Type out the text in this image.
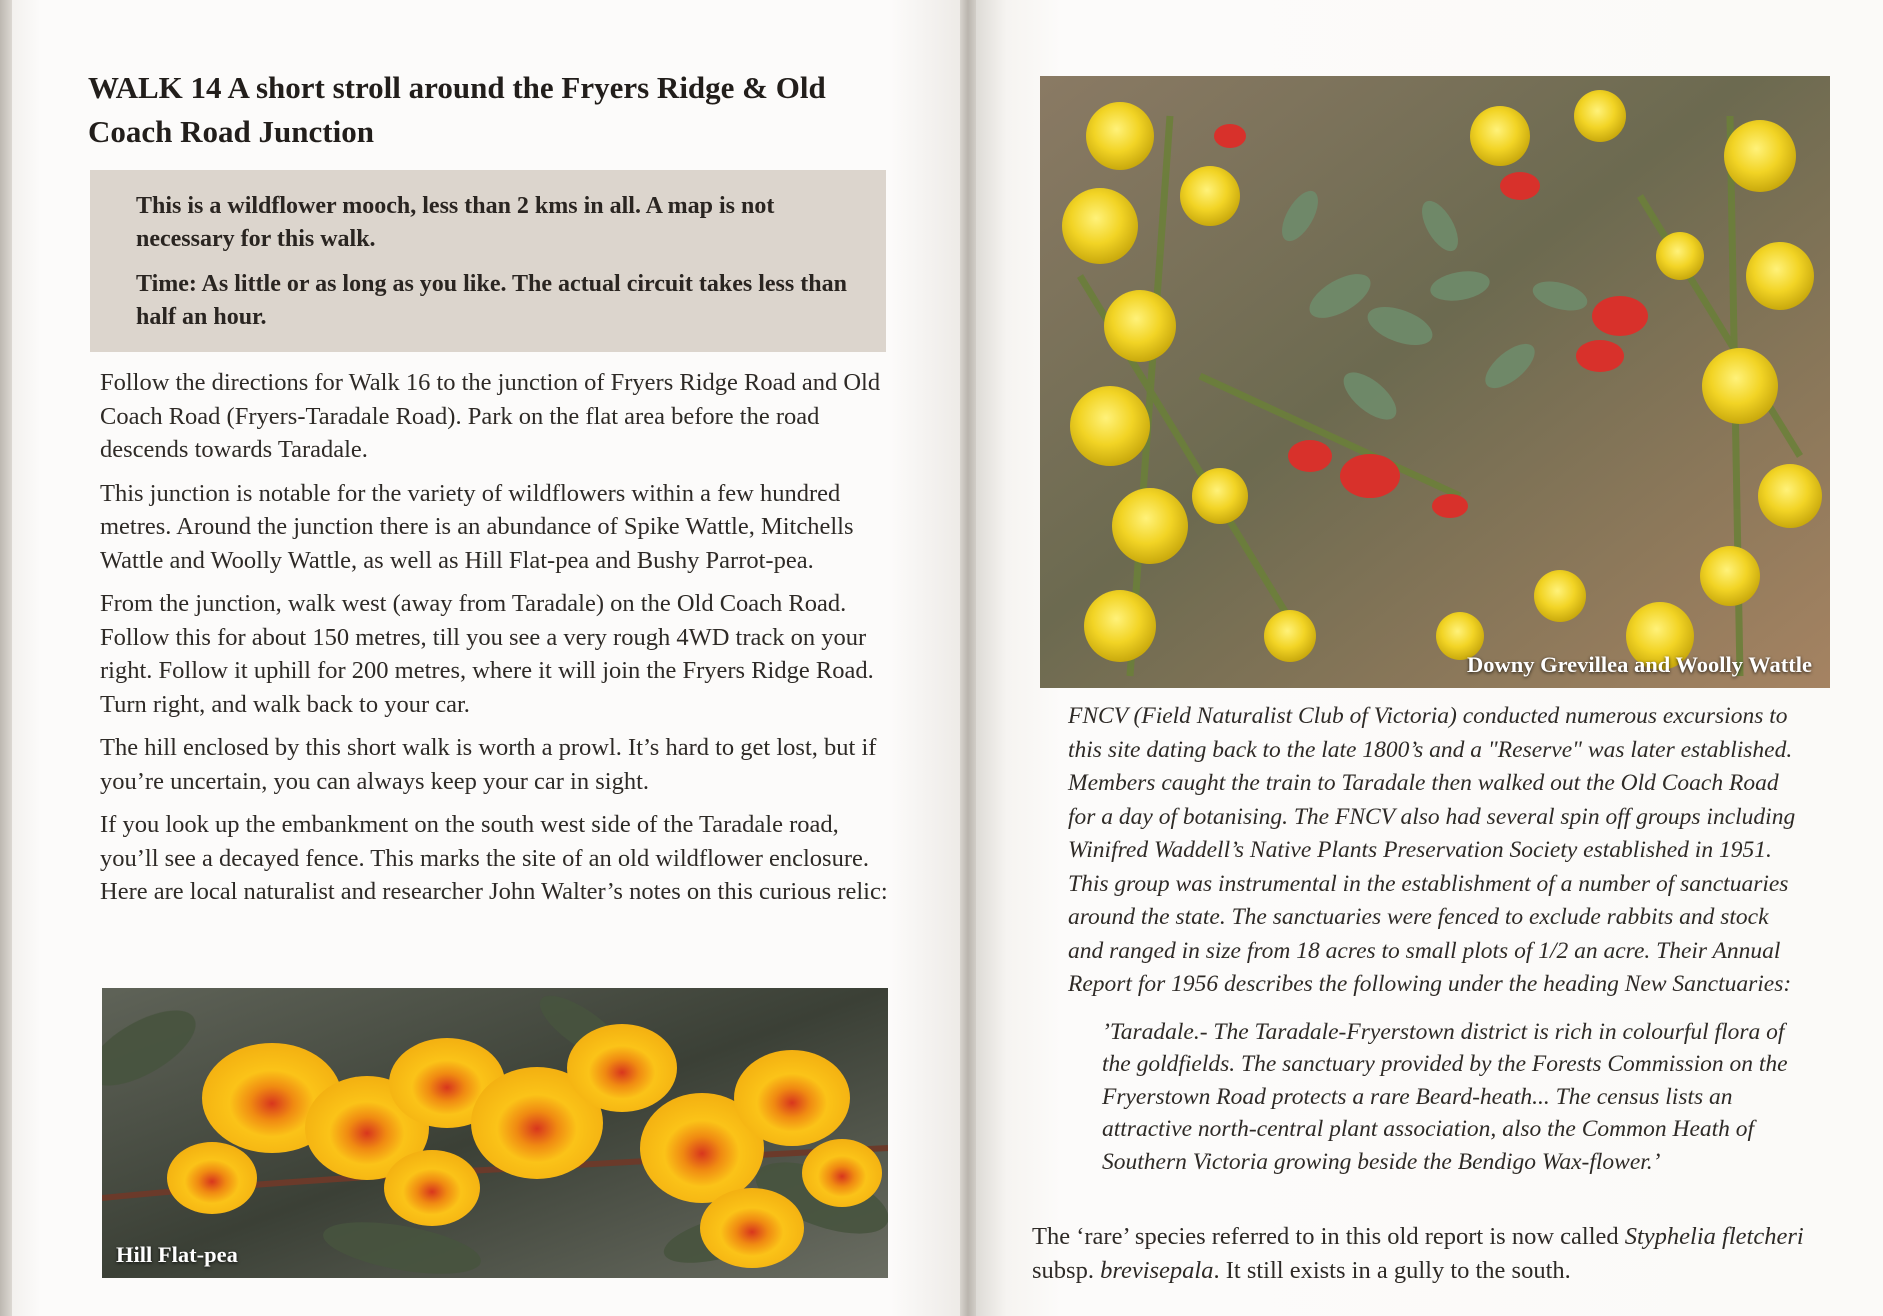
WALK 14 A short stroll around the Fryers Ridge & Old Coach Road Junction

This is a wildflower mooch, less than 2 kms in all. A map is not necessary for this walk.

Time: As little or as long as you like. The actual circuit takes less than half an hour.

Follow the directions for Walk 16 to the junction of Fryers Ridge Road and Old Coach Road (Fryers-Taradale Road). Park on the flat area before the road descends towards Taradale.

This junction is notable for the variety of wildflowers within a few hundred metres. Around the junction there is an abundance of Spike Wattle, Mitchells Wattle and Woolly Wattle, as well as Hill Flat-pea and Bushy Parrot-pea.

From the junction, walk west (away from Taradale) on the Old Coach Road. Follow this for about 150 metres, till you see a very rough 4WD track on your right. Follow it uphill for 200 metres, where it will join the Fryers Ridge Road. Turn right, and walk back to your car.

The hill enclosed by this short walk is worth a prowl. It’s hard to get lost, but if you’re uncertain, you can always keep your car in sight.

If you look up the embankment on the south west side of the Taradale road, you’ll see a decayed fence. This marks the site of an old wildflower enclosure. Here are local naturalist and researcher John Walter’s notes on this curious relic:

Hill Flat-pea
Downy Grevillea and Woolly Wattle

FNCV (Field Naturalist Club of Victoria) conducted numerous excursions to this site dating back to the late 1800’s and a "Reserve" was later established. Members caught the train to Taradale then walked out the Old Coach Road for a day of botanising. The FNCV also had several spin off groups including Winifred Waddell’s Native Plants Preservation Society established in 1951. This group was instrumental in the establishment of a number of sanctuaries around the state. The sanctuaries were fenced to exclude rabbits and stock and ranged in size from 18 acres to small plots of 1/2 an acre. Their Annual Report for 1956 describes the following under the heading New Sanctuaries:

’Taradale.- The Taradale-Fryerstown district is rich in colourful flora of the goldfields. The sanctuary provided by the Forests Commission on the Fryerstown Road protects a rare Beard-heath... The census lists an attractive north-central plant association, also the Common Heath of Southern Victoria growing beside the Bendigo Wax-flower.’

The ‘rare’ species referred to in this old report is now called Styphelia fletcheri subsp. brevisepala. It still exists in a gully to the south.
